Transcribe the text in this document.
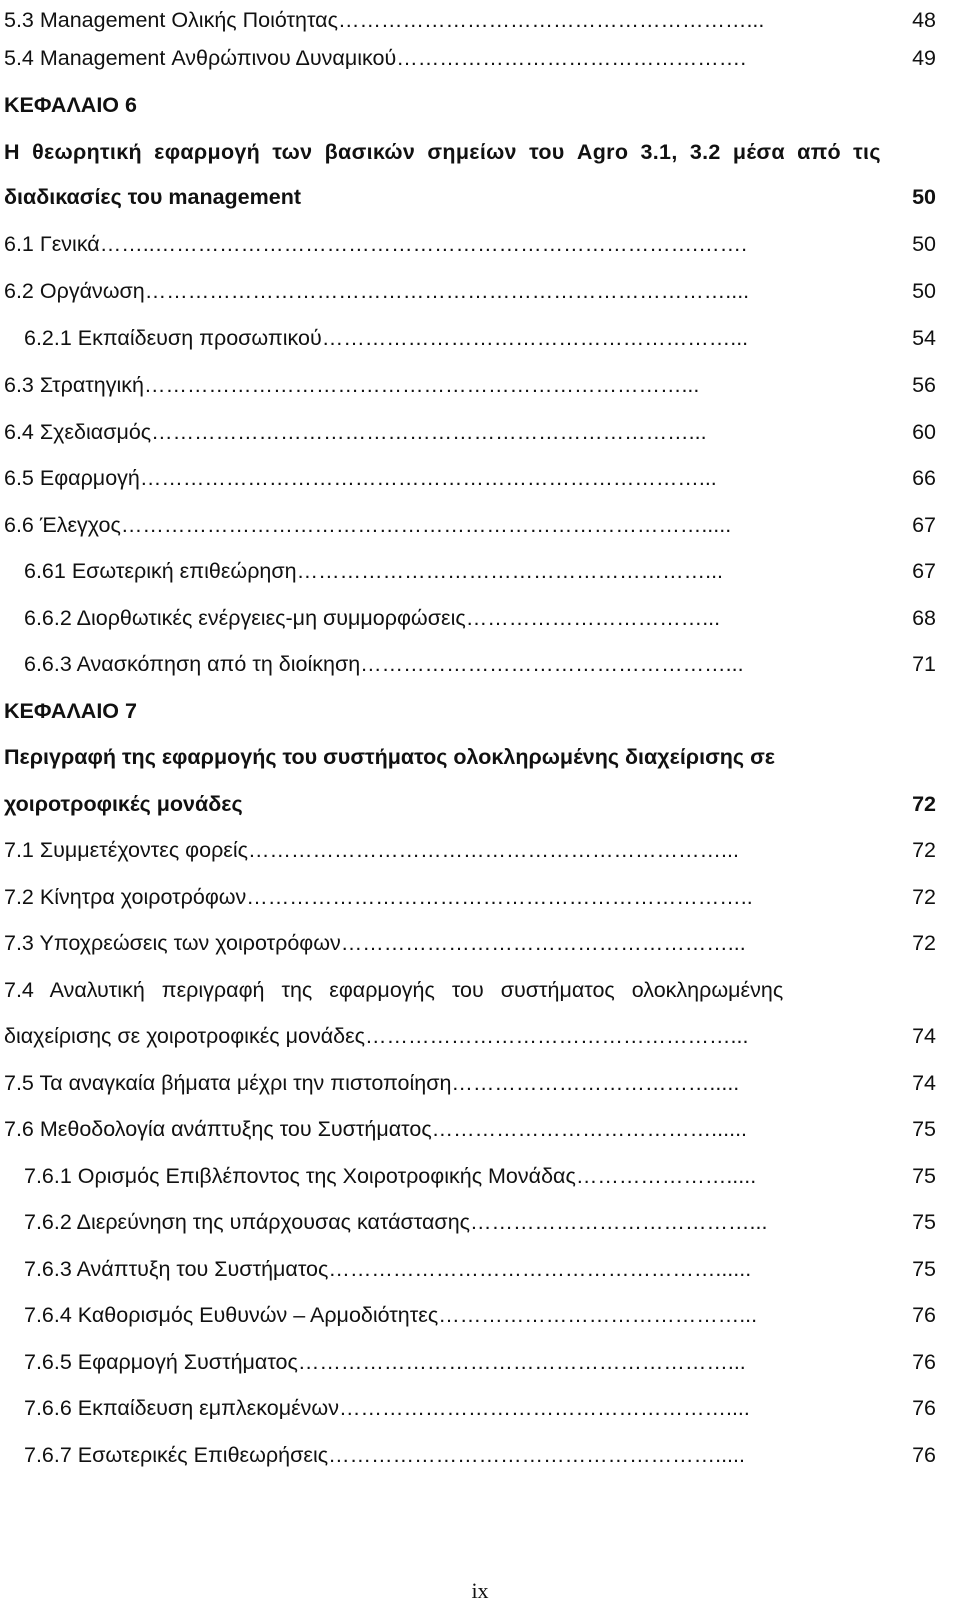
5.3 Management Ολικής Ποιότητας…………………………………………………...	48
5.4 Management Ανθρώπινου Δυναμικού………………………………………….	49
ΚΕΦΑΛΑΙΟ 6
Η θεωρητική εφαρμογή των βασικών σημείων του Agro 3.1, 3.2 μέσα από τις
διαδικασίες του management	50
6.1 Γενικά……..………………………………………………………………….…….	50
6.2 Οργάνωση………………………………………………………………………....	50
6.2.1 Εκπαίδευση προσωπικού…………………………………………………...	54
6.3 Στρατηγική…………………………………………………………………...	56
6.4 Σχεδιασμός…………………………………………………………………...	60
6.5 Εφαρμογή……………………………………………………………………...	66
6.6 Έλεγχος……………………………………………………………………….....	67
6.61 Εσωτερική επιθεώρηση…………………………………………………...	67
6.6.2 Διορθωτικές ενέργειες-μη συμμορφώσεις……………………………...	68
6.6.3 Ανασκόπηση από τη διοίκηση……………………………………………...	71
ΚΕΦΑΛΑΙΟ 7
Περιγραφή της εφαρμογής του συστήματος ολοκληρωμένης διαχείρισης σε
χοιροτροφικές μονάδες	72
7.1 Συμμετέχοντες φορείς…………………………………………………………...	72
7.2 Κίνητρα χοιροτρόφων……………………………………………………………..	72
7.3 Υποχρεώσεις των χοιροτρόφων………………………………………………...	72
7.4 Αναλυτική περιγραφή της εφαρμογής του συστήματος ολοκληρωμένης
διαχείρισης σε χοιροτροφικές μονάδες……………………………………………...	74
7.5 Τα αναγκαία βήματα μέχρι την πιστοποίηση……………………………….....	74
7.6 Μεθοδολογία ανάπτυξης του Συστήματος…………………………………......	75
7.6.1 Ορισμός Επιβλέποντος της Χοιροτροφικής Μονάδας………………….....	75
7.6.2 Διερεύνηση της υπάρχουσας κατάστασης…………………………………...	75
7.6.3 Ανάπτυξη του Συστήματος………………………………………………......	75
7.6.4 Καθορισμός Ευθυνών – Αρμοδιότητες……………………………………...	76
7.6.5 Εφαρμογή Συστήματος……………………………………………………...	76
7.6.6 Εκπαίδευση εμπλεκομένων………………………………………………....	76
7.6.7 Εσωτερικές Επιθεωρήσεις……………………………………………….....	76
ix
